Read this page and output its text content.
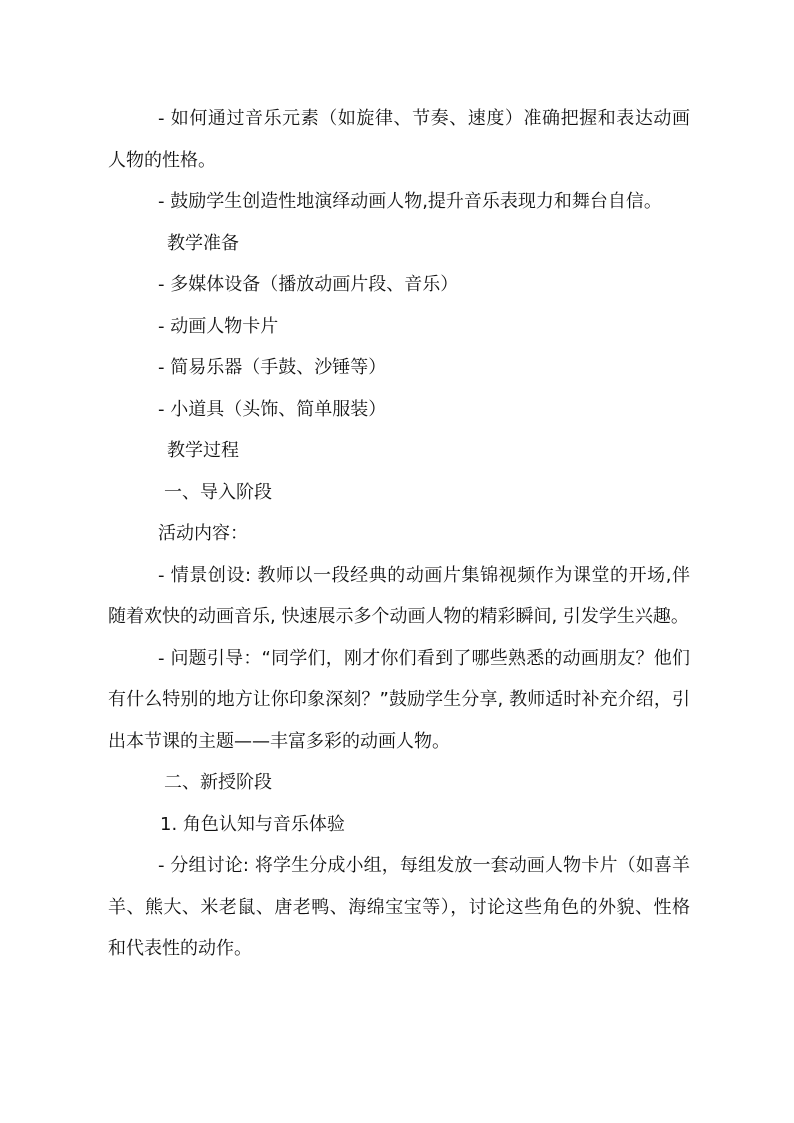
- 如何通过音乐元素（如旋律、节奏、速度）准确把握和表达动画人物的性格。

- 鼓励学生创造性地演绎动画人物,提升音乐表现力和舞台自信。

教学准备

- 多媒体设备（播放动画片段、音乐）

- 动画人物卡片

- 简易乐器（手鼓、沙锤等）

- 小道具（头饰、简单服装）

教学过程

一、导入阶段

活动内容：

- 情景创设: 教师以一段经典的动画片集锦视频作为课堂的开场,伴随着欢快的动画音乐, 快速展示多个动画人物的精彩瞬间, 引发学生兴趣。

- 问题引导：“同学们，刚才你们看到了哪些熟悉的动画朋友？他们有什么特别的地方让你印象深刻？”鼓励学生分享, 教师适时补充介绍，引出本节课的主题——丰富多彩的动画人物。

二、新授阶段

1. 角色认知与音乐体验

- 分组讨论: 将学生分成小组，每组发放一套动画人物卡片（如喜羊羊、熊大、米老鼠、唐老鸭、海绵宝宝等），讨论这些角色的外貌、性格和代表性的动作。
